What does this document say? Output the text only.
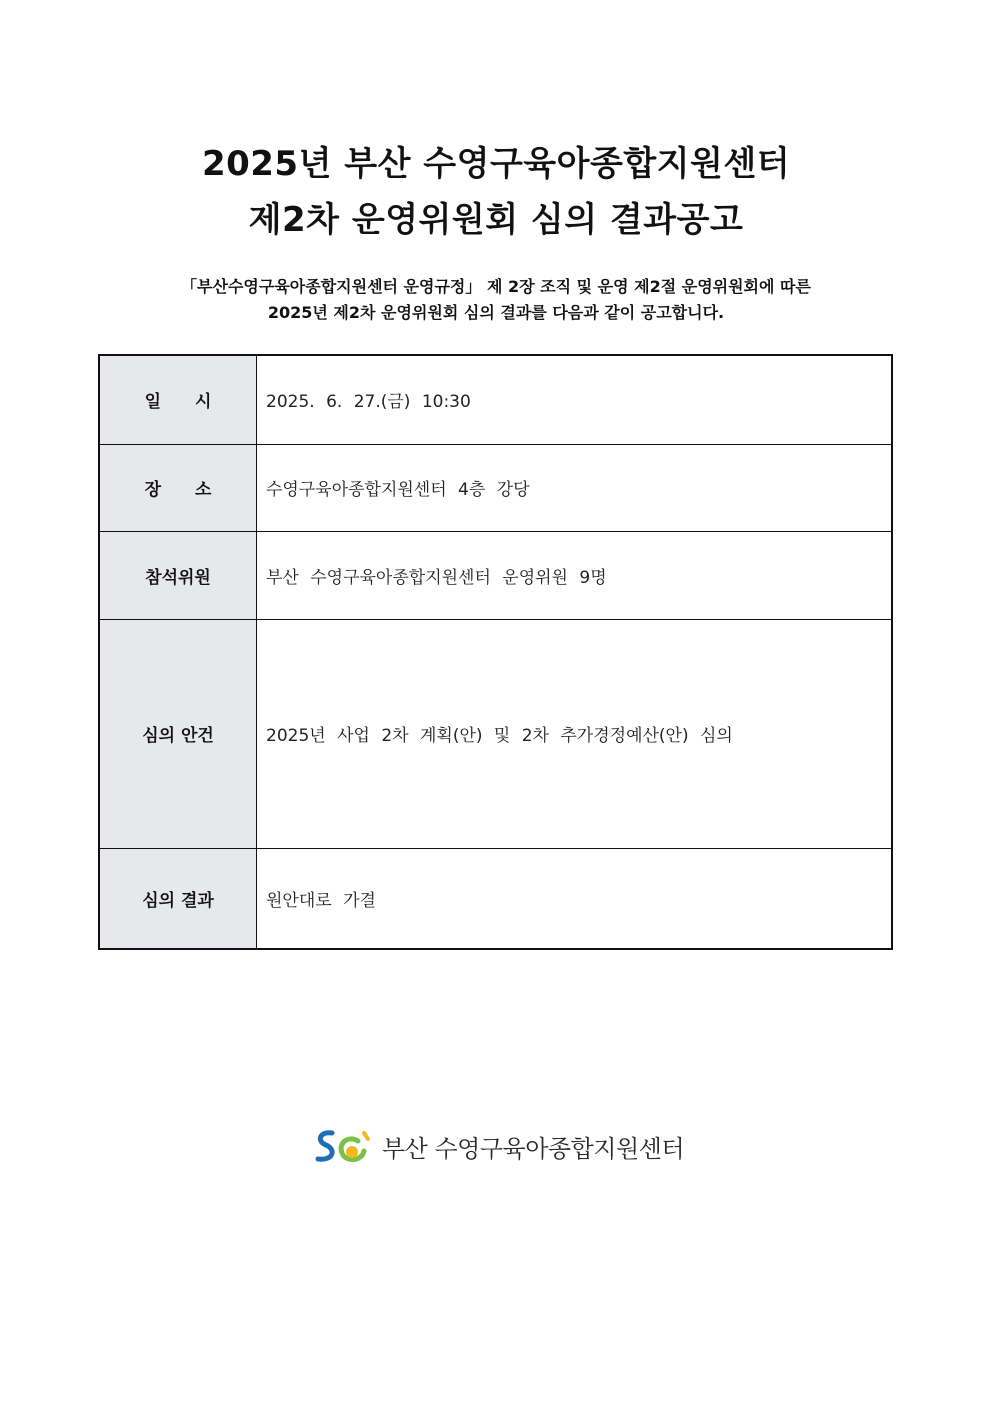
2025년 부산 수영구육아종합지원센터
제2차 운영위원회 심의 결과공고
「부산수영구육아종합지원센터 운영규정」 제 2장 조직 및 운영 제2절 운영위원회에 따른
2025년 제2차 운영위원회 심의 결과를 다음과 같이 공고합니다.
일시	2025. 6. 27.(금) 10:30
장소	수영구육아종합지원센터 4층 강당
참석위원	부산 수영구육아종합지원센터 운영위원 9명
심의 안건	2025년 사업 2차 계획(안) 및 2차 추가경정예산(안) 심의
심의 결과	원안대로 가결
부산 수영구육아종합지원센터
